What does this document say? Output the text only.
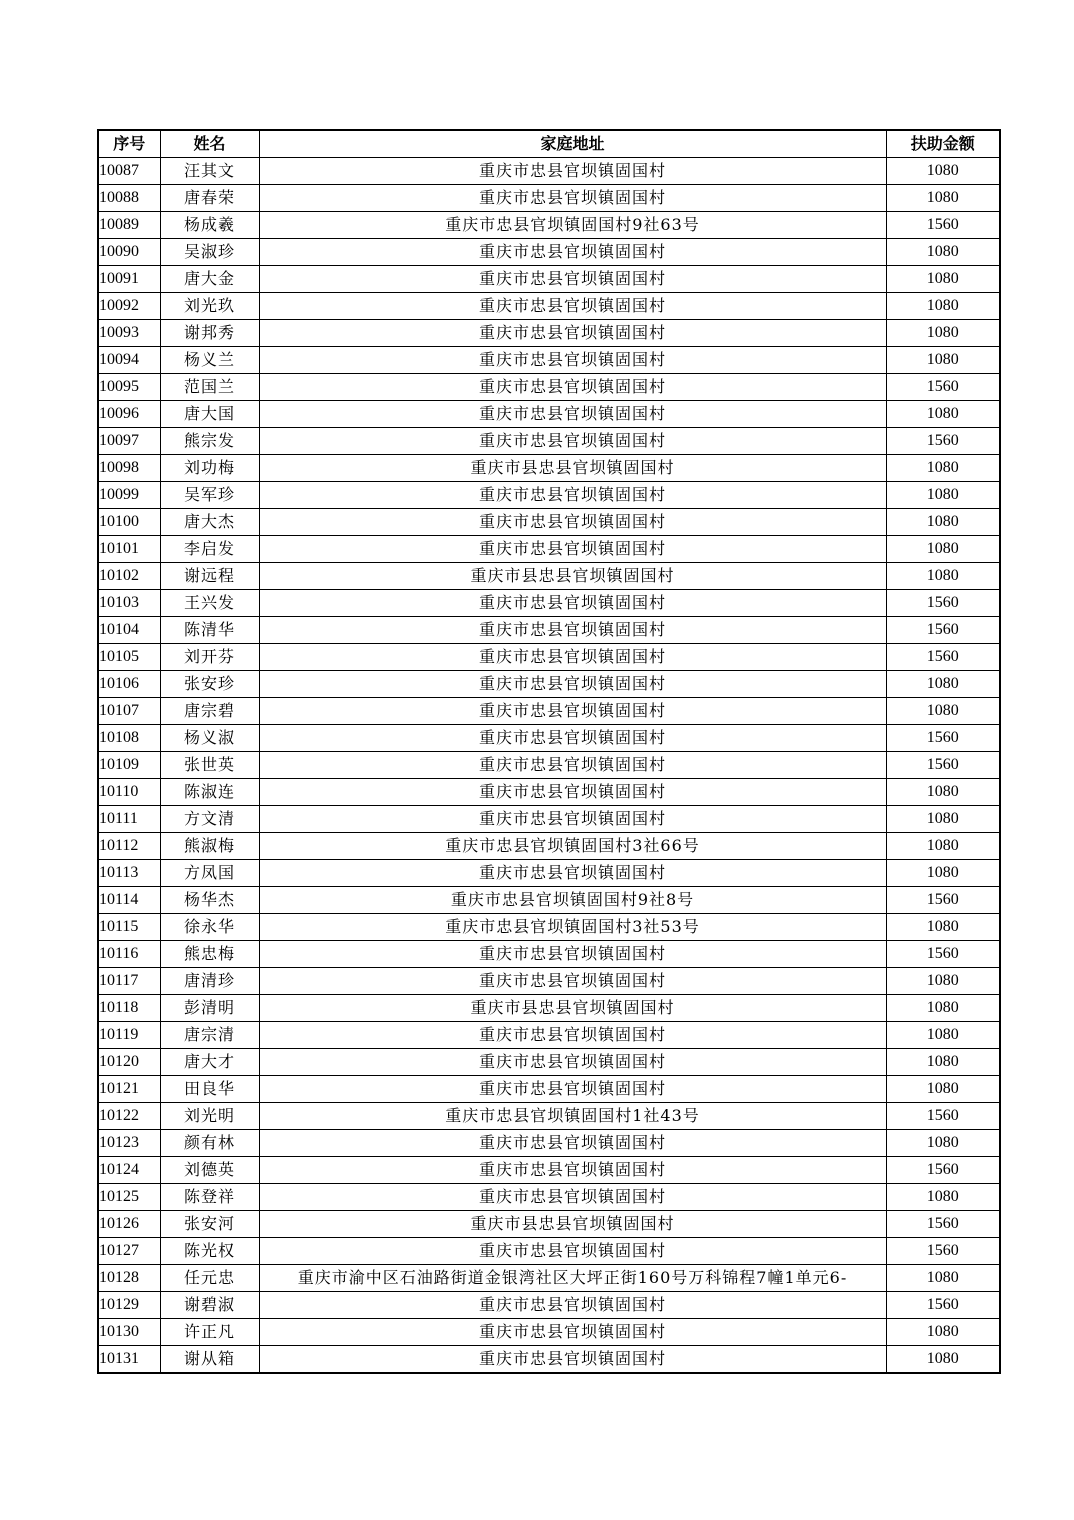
序号	姓名	家庭地址	扶助金额
10087	汪其文	重庆市忠县官坝镇固国村	1080
10088	唐春荣	重庆市忠县官坝镇固国村	1080
10089	杨成羲	重庆市忠县官坝镇固国村9社63号	1560
10090	吴淑珍	重庆市忠县官坝镇固国村	1080
10091	唐大金	重庆市忠县官坝镇固国村	1080
10092	刘光玖	重庆市忠县官坝镇固国村	1080
10093	谢邦秀	重庆市忠县官坝镇固国村	1080
10094	杨义兰	重庆市忠县官坝镇固国村	1080
10095	范国兰	重庆市忠县官坝镇固国村	1560
10096	唐大国	重庆市忠县官坝镇固国村	1080
10097	熊宗发	重庆市忠县官坝镇固国村	1560
10098	刘功梅	重庆市县忠县官坝镇固国村	1080
10099	吴军珍	重庆市忠县官坝镇固国村	1080
10100	唐大杰	重庆市忠县官坝镇固国村	1080
10101	李启发	重庆市忠县官坝镇固国村	1080
10102	谢远程	重庆市县忠县官坝镇固国村	1080
10103	王兴发	重庆市忠县官坝镇固国村	1560
10104	陈清华	重庆市忠县官坝镇固国村	1560
10105	刘开芬	重庆市忠县官坝镇固国村	1560
10106	张安珍	重庆市忠县官坝镇固国村	1080
10107	唐宗碧	重庆市忠县官坝镇固国村	1080
10108	杨义淑	重庆市忠县官坝镇固国村	1560
10109	张世英	重庆市忠县官坝镇固国村	1560
10110	陈淑连	重庆市忠县官坝镇固国村	1080
10111	方文清	重庆市忠县官坝镇固国村	1080
10112	熊淑梅	重庆市忠县官坝镇固国村3社66号	1080
10113	方凤国	重庆市忠县官坝镇固国村	1080
10114	杨华杰	重庆市忠县官坝镇固国村9社8号	1560
10115	徐永华	重庆市忠县官坝镇固国村3社53号	1080
10116	熊忠梅	重庆市忠县官坝镇固国村	1560
10117	唐清珍	重庆市忠县官坝镇固国村	1080
10118	彭清明	重庆市县忠县官坝镇固国村	1080
10119	唐宗清	重庆市忠县官坝镇固国村	1080
10120	唐大才	重庆市忠县官坝镇固国村	1080
10121	田良华	重庆市忠县官坝镇固国村	1080
10122	刘光明	重庆市忠县官坝镇固国村1社43号	1560
10123	颜有林	重庆市忠县官坝镇固国村	1080
10124	刘德英	重庆市忠县官坝镇固国村	1560
10125	陈登祥	重庆市忠县官坝镇固国村	1080
10126	张安河	重庆市县忠县官坝镇固国村	1560
10127	陈光权	重庆市忠县官坝镇固国村	1560
10128	任元忠	重庆市渝中区石油路街道金银湾社区大坪正街160号万科锦程7幢1单元6-	1080
10129	谢碧淑	重庆市忠县官坝镇固国村	1560
10130	许正凡	重庆市忠县官坝镇固国村	1080
10131	谢从箱	重庆市忠县官坝镇固国村	1080
